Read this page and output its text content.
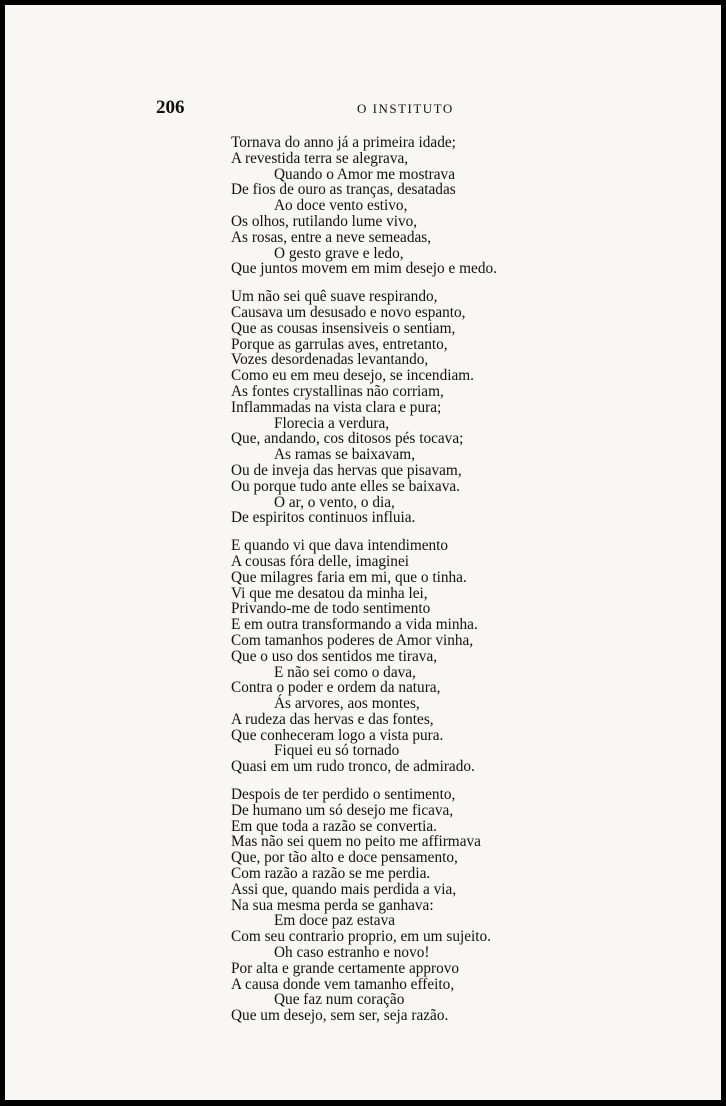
206	O INSTITUTO
Tornava do anno já a primeira idade;
A revestida terra se alegrava,
Quando o Amor me mostrava
De fios de ouro as tranças, desatadas
Ao doce vento estivo,
Os olhos, rutilando lume vivo,
As rosas, entre a neve semeadas,
O gesto grave e ledo,
Que juntos movem em mim desejo e medo.
Um não sei quê suave respirando,
Causava um desusado e novo espanto,
Que as cousas insensiveis o sentiam,
Porque as garrulas aves, entretanto,
Vozes desordenadas levantando,
Como eu em meu desejo, se incendiam.
As fontes crystallinas não corriam,
Inflammadas na vista clara e pura;
Florecia a verdura,
Que, andando, cos ditosos pés tocava;
As ramas se baixavam,
Ou de inveja das hervas que pisavam,
Ou porque tudo ante elles se baixava.
O ar, o vento, o dia,
De espiritos continuos influia.
E quando vi que dava intendimento
A cousas fóra delle, imaginei
Que milagres faria em mi, que o tinha.
Vi que me desatou da minha lei,
Privando-me de todo sentimento
E em outra transformando a vida minha.
Com tamanhos poderes de Amor vinha,
Que o uso dos sentidos me tirava,
E não sei como o dava,
Contra o poder e ordem da natura,
Ás arvores, aos montes,
A rudeza das hervas e das fontes,
Que conheceram logo a vista pura.
Fiquei eu só tornado
Quasi em um rudo tronco, de admirado.
Despois de ter perdido o sentimento,
De humano um só desejo me ficava,
Em que toda a razão se convertia.
Mas não sei quem no peito me affirmava
Que, por tão alto e doce pensamento,
Com razão a razão se me perdia.
Assi que, quando mais perdida a via,
Na sua mesma perda se ganhava:
Em doce paz estava
Com seu contrario proprio, em um sujeito.
Oh caso estranho e novo!
Por alta e grande certamente approvo
A causa donde vem tamanho effeito,
Que faz num coração
Que um desejo, sem ser, seja razão.
